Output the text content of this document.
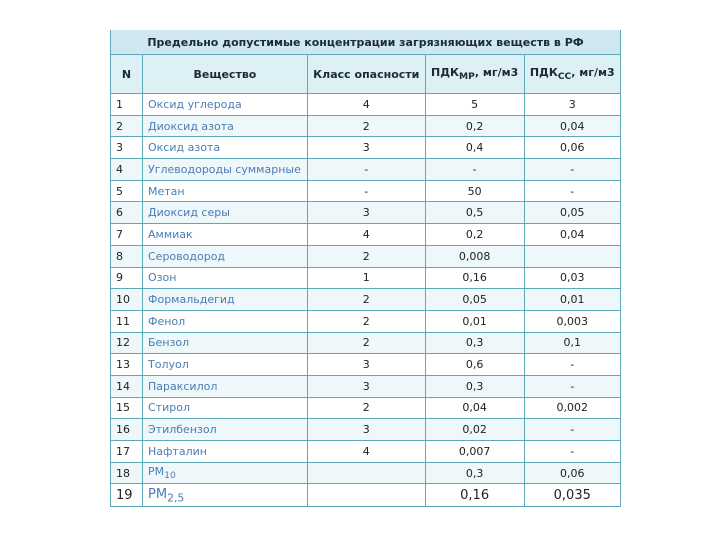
Предельно допустимые концентрации загрязняющих веществ в РФ				
N	Вещество	Класс опасности	$ПДК_{МР}$, мг/м3	$ПДК_{СС}$, мг/м3
1	Оксид углерода	4	5	3
2	Диоксид азота	2	0,2	0,04
3	Оксид азота	3	0,4	0,06
4	Углеводороды суммарные	-	-	-
5	Метан	-	50	-
6	Диоксид серы	3	0,5	0,05
7	Аммиак	4	0,2	0,04
8	Сероводород	2	0,008	
9	Озон	1	0,16	0,03
10	Формальдегид	2	0,05	0,01
11	Фенол	2	0,01	0,003
12	Бензол	2	0,3	0,1
13	Толуол	3	0,6	-
14	Параксилол	3	0,3	-
15	Стирол	2	0,04	0,002
16	Этилбензол	3	0,02	-
17	Нафталин	4	0,007	-
18	$PM_{10}$		0,3	0,06
19	$PM_{2,5}$		0,16	0,035
